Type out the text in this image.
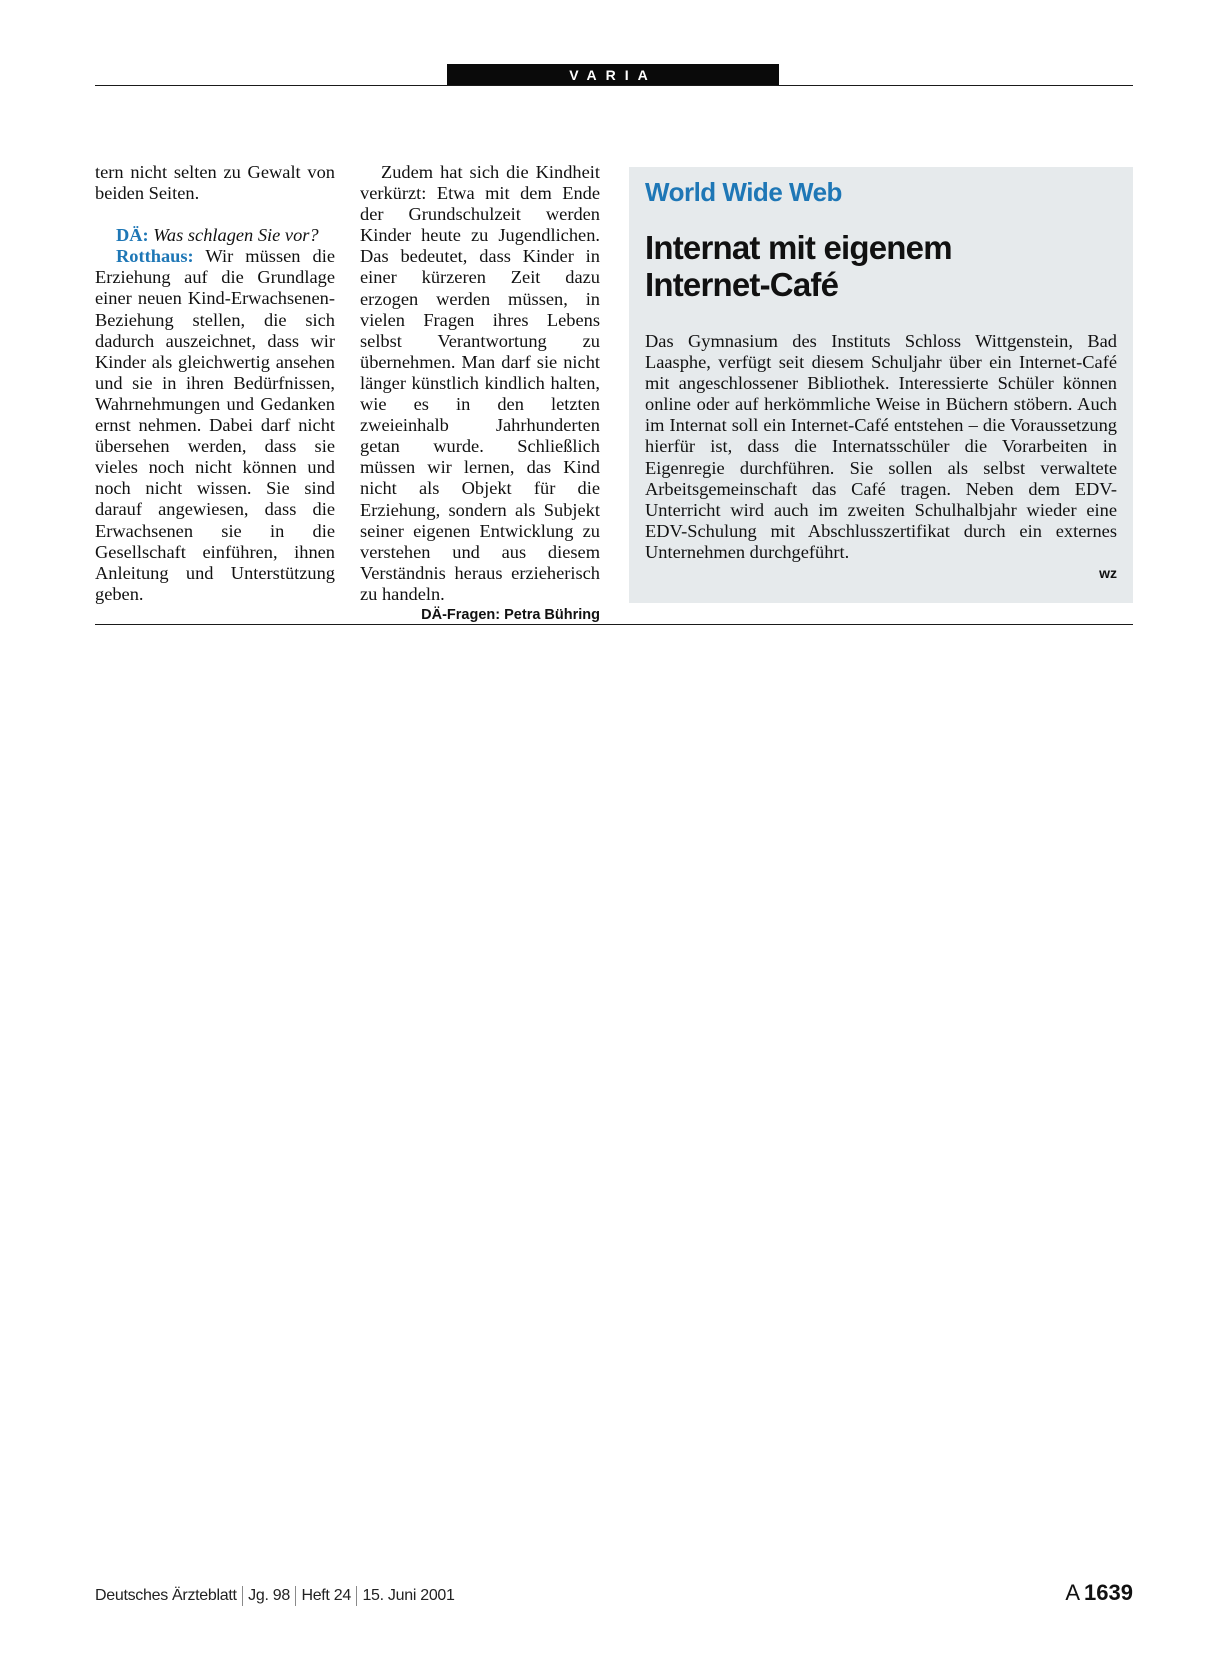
VARIA

tern nicht selten zu Gewalt von beiden Seiten.

DÄ: Was schlagen Sie vor?

Rotthaus: Wir müssen die Erziehung auf die Grundlage einer neuen Kind-Erwachsenen-Beziehung stellen, die sich dadurch auszeichnet, dass wir Kinder als gleichwertig ansehen und sie in ihren Bedürfnissen, Wahrnehmungen und Gedanken ernst nehmen. Dabei darf nicht übersehen werden, dass sie vieles noch nicht können und noch nicht wissen. Sie sind darauf angewiesen, dass die Erwachsenen sie in die Gesellschaft einführen, ihnen Anleitung und Unterstützung geben.

Zudem hat sich die Kindheit verkürzt: Etwa mit dem Ende der Grundschulzeit werden Kinder heute zu Jugendlichen. Das bedeutet, dass Kinder in einer kürzeren Zeit dazu erzogen werden müssen, in vielen Fragen ihres Lebens selbst Verantwortung zu übernehmen. Man darf sie nicht länger künstlich kindlich halten, wie es in den letzten zweieinhalb Jahrhunderten getan wurde. Schließlich müssen wir lernen, das Kind nicht als Objekt für die Erziehung, sondern als Subjekt seiner eigenen Entwicklung zu verstehen und aus diesem Verständnis heraus erzieherisch zu handeln.
DÄ-Fragen: Petra Bühring

World Wide Web
Internat mit eigenem
Internet-Café
Das Gymnasium des Instituts Schloss Wittgenstein, Bad Laasphe, verfügt seit diesem Schuljahr über ein Internet-Café mit angeschlossener Bibliothek. Interessierte Schüler können online oder auf herkömmliche Weise in Büchern stöbern. Auch im Internat soll ein Internet-Café entstehen – die Voraussetzung hierfür ist, dass die Internatsschüler die Vorarbeiten in Eigenregie durchführen. Sie sollen als selbst verwaltete Arbeitsgemeinschaft das Café tragen. Neben dem EDV-Unterricht wird auch im zweiten Schulhalbjahr wieder eine EDV-Schulung mit Abschlusszertifikat durch ein externes Unternehmen durchgeführt.
wz
Deutsches Ärzteblatt Jg. 98 Heft 24 15. Juni 2001	A 1639
